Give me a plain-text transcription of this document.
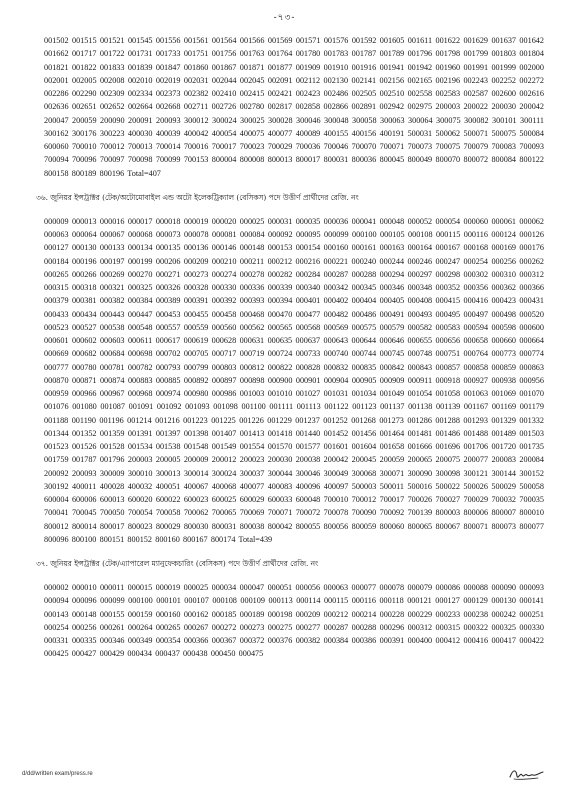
-৭৩-

001502 001515 001521 001545 001556 001561 001564 001566 001569 001571 001576 001592 001605 001611 001622 001629 001637 001642 001662 001717 001722 001731 001733 001751 001756 001763 001764 001780 001783 001787 001789 001796 001798 001799 001803 001804 001821 001822 001833 001839 001847 001860 001867 001871 001877 001909 001910 001916 001941 001942 001960 001991 001999 002000 002001 002005 002008 002010 002019 002031 002044 002045 002091 002112 002130 002141 002156 002165 002196 002243 002252 002272 002286 002290 002309 002334 002373 002382 002410 002415 002421 002423 002486 002505 002510 002558 002583 002587 002600 002616 002636 002651 002652 002664 002668 002711 002726 002780 002817 002858 002866 002891 002942 002975 200003 200022 200030 200042 200047 200059 200090 200091 200093 300012 300024 300025 300028 300046 300048 300058 300063 300064 300075 300082 300101 300111 300162 300176 300223 400030 400039 400042 400054 400075 400077 400089 400155 400156 400191 500031 500062 500071 500075 500084 600060 700010 700012 700013 700014 700016 700017 700023 700029 700036 700046 700070 700071 700073 700075 700079 700083 700093 700094 700096 700097 700098 700099 700153 800004 800008 800013 800017 800031 800036 800045 800049 800070 800072 800084 800122 800158 800189 800196 Total=407

৩৬. জুনিয়র ইন্সট্রাক্টর (টেক/অটোমোবাইল এন্ড অটো ইলেকট্রিক্যাল (বেসিকস) পদে উত্তীর্ণ প্রার্থীদের রেজি. নং

000009 000013 000016 000017 000018 000019 000020 000025 000031 000035 000036 000041 000048 000052 000054 000060 000061 000062 000063 000064 000067 000068 000073 000078 000081 000084 000092 000095 000099 000100 000105 000108 000115 000116 000124 000126 000127 000130 000133 000134 000135 000136 000146 000148 000153 000154 000160 000161 000163 000164 000167 000168 000169 000176 000184 000196 000197 000199 000206 000209 000210 000211 000212 000216 000221 000240 000244 000246 000247 000254 000256 000262 000265 000266 000269 000270 000271 000273 000274 000278 000282 000284 000287 000288 000294 000297 000298 000302 000310 000312 000315 000318 000321 000325 000326 000328 000330 000336 000339 000340 000342 000345 000346 000348 000352 000356 000362 000366 000379 000381 000382 000384 000389 000391 000392 000393 000394 000401 000402 000404 000405 000408 000415 000416 000423 000431 000433 000434 000443 000447 000453 000455 000458 000468 000470 000477 000482 000486 000491 000493 000495 000497 000498 000520 000523 000527 000538 000548 000557 000559 000560 000562 000565 000568 000569 000575 000579 000582 000583 000594 000598 000600 000601 000602 000603 000611 000617 000619 000628 000631 000635 000637 000643 000644 000646 000655 000656 000658 000660 000664 000669 000682 000684 000698 000702 000705 000717 000719 000724 000733 000740 000744 000745 000748 000751 000764 000773 000774 000777 000780 000781 000782 000793 000799 000803 000812 000822 000828 000832 000835 000842 000843 000857 000858 000859 000863 000870 000871 000874 000883 000885 000892 000897 000898 000900 000901 000904 000905 000909 000911 000918 000927 000938 000956 000959 000966 000967 000968 000974 000980 000986 001003 001010 001027 001031 001034 001049 001054 001058 001063 001069 001070 001076 001080 001087 001091 001092 001093 001098 001100 001111 001113 001122 001123 001137 001138 001139 001167 001169 001179 001188 001190 001196 001214 001216 001223 001225 001226 001229 001237 001252 001268 001273 001286 001288 001293 001329 001332 001344 001352 001359 001391 001397 001398 001407 001413 001418 001440 001452 001456 001464 001481 001486 001488 001489 001503 001523 001526 001528 001534 001538 001548 001549 001554 001570 001577 001601 001604 001658 001666 001696 001706 001720 001735 001759 001787 001796 200003 200005 200009 200012 200023 200030 200038 200042 200045 200059 200065 200075 200077 200083 200084 200092 200093 300009 300010 300013 300014 300024 300037 300044 300046 300049 300068 300071 300090 300098 300121 300144 300152 300192 400011 400028 400032 400051 400067 400068 400077 400083 400096 400097 500003 500011 500016 500022 500026 500029 500058 600004 600006 600013 600020 600022 600023 600025 600029 600033 600048 700010 700012 700017 700026 700027 700029 700032 700035 700041 700045 700050 700054 700058 700062 700065 700069 700071 700072 700078 700090 700092 700139 800003 800006 800007 800010 800012 800014 800017 800023 800029 800030 800031 800038 800042 800055 800056 800059 800060 800065 800067 800071 800073 800077 800096 800100 800151 800152 800160 800167 800174 Total=439

৩৭. জুনিয়র ইন্সট্রাক্টর (টেক/এ্যাপারেল ম্যানুফেকচারিং (বেসিকস) পদে উত্তীর্ণ প্রার্থীদের রেজি. নং

000002 000010 000011 000015 000019 000025 000034 000047 000051 000056 000063 000077 000078 000079 000086 000088 000090 000093 000094 000096 000099 000100 000101 000107 000108 000109 000113 000114 000115 000116 000118 000121 000127 000129 000130 000141 000143 000148 000155 000159 000160 000162 000185 000189 000198 000209 000212 000214 000228 000229 000233 000238 000242 000251 000254 000256 000261 000264 000265 000267 000272 000273 000275 000277 000287 000288 000296 000312 000315 000322 000325 000330 000331 000335 000346 000349 000354 000366 000367 000372 000376 000382 000384 000386 000391 000400 000412 000416 000417 000422 000425 000427 000429 000434 000437 000438 000450 000475

d/dd/written exam/press.re
